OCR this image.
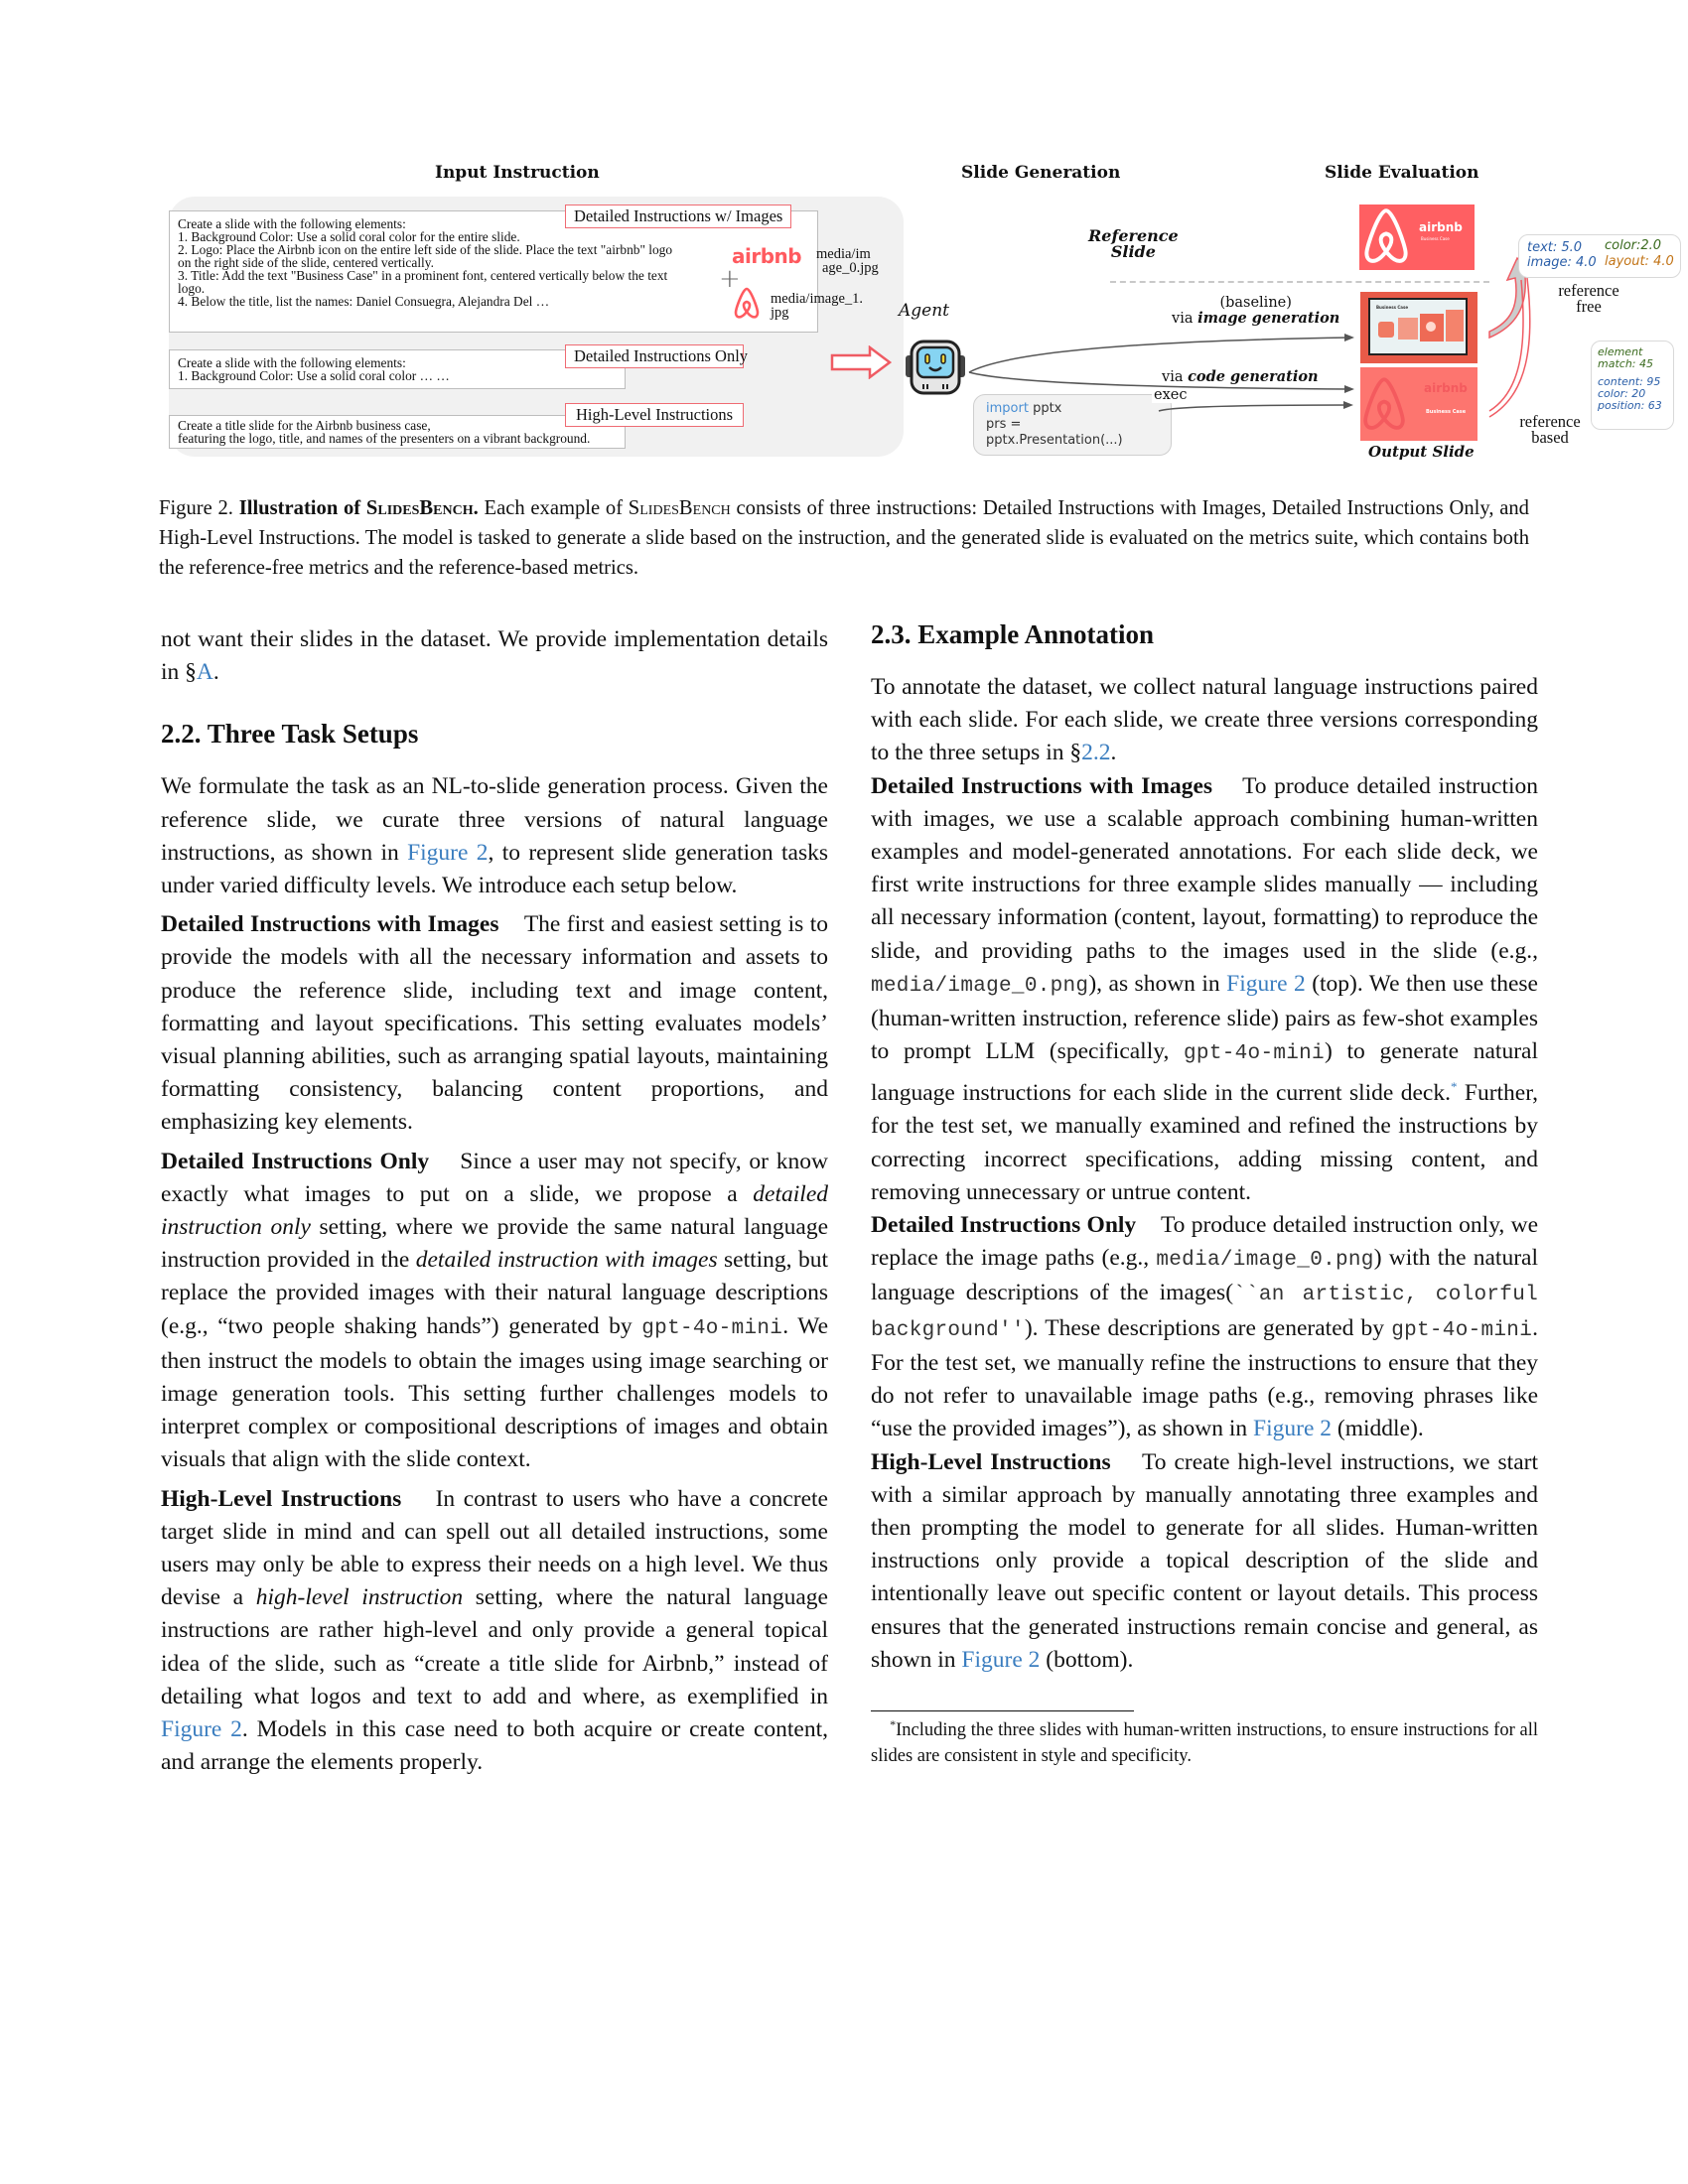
Input Instruction	Slide Generation	Slide Evaluation
Create a slide with the following elements:
1. Background Color: Use a solid coral color for the entire slide.
2. Logo: Place the Airbnb icon on the entire left side of the slide. Place the text "airbnb" logo
on the right side of the slide, centered vertically.
3. Title: Add the text "Business Case" in a prominent font, centered vertically below the text
logo.
4. Below the title, list the names: Daniel Consuegra, Alejandra Del …
Detailed Instructions w/ Images
airbnb media/im
age_0.jpg
+
media/image_1.
jpg
Create a slide with the following elements:
1. Background Color: Use a solid coral color … …
Detailed Instructions Only
Create a title slide for the Airbnb business case,
featuring the logo, title, and names of the presenters on a vibrant background.
High-Level Instructions
Agent
Reference
Slide
(baseline)
via image generation
via code generation
import pptx
prs = pptx.Presentation(...)
exec
airbnb
Business Case
Business Case
airbnb
Business Case
Output Slide
text: 5.0
image: 4.0
color:2.0
layout: 4.0
reference
free
element
match: 45
content: 95
color: 20
position: 63
reference
based
Figure 2. Illustration of SlidesBench. Each example of SlidesBench consists of three instructions: Detailed Instructions with Images, Detailed Instructions Only, and High-Level Instructions. The model is tasked to generate a slide based on the instruction, and the generated slide is evaluated on the metrics suite, which contains both the reference-free metrics and the reference-based metrics.

not want their slides in the dataset. We provide implementation details in §A.

2.2. Three Task Setups

We formulate the task as an NL-to-slide generation process. Given the reference slide, we curate three versions of natural language instructions, as shown in Figure 2, to represent slide generation tasks under varied difficulty levels. We introduce each setup below.

Detailed Instructions with Images The first and easiest setting is to provide the models with all the necessary information and assets to produce the reference slide, including text and image content, formatting and layout specifications. This setting evaluates models’ visual planning abilities, such as arranging spatial layouts, maintaining formatting consistency, balancing content proportions, and emphasizing key elements.

Detailed Instructions Only Since a user may not specify, or know exactly what images to put on a slide, we propose a detailed instruction only setting, where we provide the same natural language instruction provided in the detailed instruction with images setting, but replace the provided images with their natural language descriptions (e.g., “two people shaking hands”) generated by gpt-4o-mini. We then instruct the models to obtain the images using image searching or image generation tools. This setting further challenges models to interpret complex or compositional descriptions of images and obtain visuals that align with the slide context.

High-Level Instructions In contrast to users who have a concrete target slide in mind and can spell out all detailed instructions, some users may only be able to express their needs on a high level. We thus devise a high-level instruction setting, where the natural language instructions are rather high-level and only provide a general topical idea of the slide, such as “create a title slide for Airbnb,” instead of detailing what logos and text to add and where, as exemplified in Figure 2. Models in this case need to both acquire or create content, and arrange the elements properly.

2.3. Example Annotation

To annotate the dataset, we collect natural language instructions paired with each slide. For each slide, we create three versions corresponding to the three setups in §2.2.

Detailed Instructions with Images To produce detailed instruction with images, we use a scalable approach combining human-written examples and model-generated annotations. For each slide deck, we first write instructions for three example slides manually — including all necessary information (content, layout, formatting) to reproduce the slide, and providing paths to the images used in the slide (e.g., media/image_0.png), as shown in Figure 2 (top). We then use these (human-written instruction, reference slide) pairs as few-shot examples to prompt LLM (specifically, gpt-4o-mini) to generate natural language instructions for each slide in the current slide deck.* Further, for the test set, we manually examined and refined the instructions by correcting incorrect specifications, adding missing content, and removing unnecessary or untrue content.

Detailed Instructions Only To produce detailed instruction only, we replace the image paths (e.g., media/image_0.png) with the natural language descriptions of the images(``an artistic, colorful background''). These descriptions are generated by gpt-4o-mini. For the test set, we manually refine the instructions to ensure that they do not refer to unavailable image paths (e.g., removing phrases like “use the provided images”), as shown in Figure 2 (middle).

High-Level Instructions To create high-level instructions, we start with a similar approach by manually annotating three examples and then prompting the model to generate for all slides. Human-written instructions only provide a topical description of the slide and intentionally leave out specific content or layout details. This process ensures that the generated instructions remain concise and general, as shown in Figure 2 (bottom).

*Including the three slides with human-written instructions, to ensure instructions for all slides are consistent in style and specificity.
